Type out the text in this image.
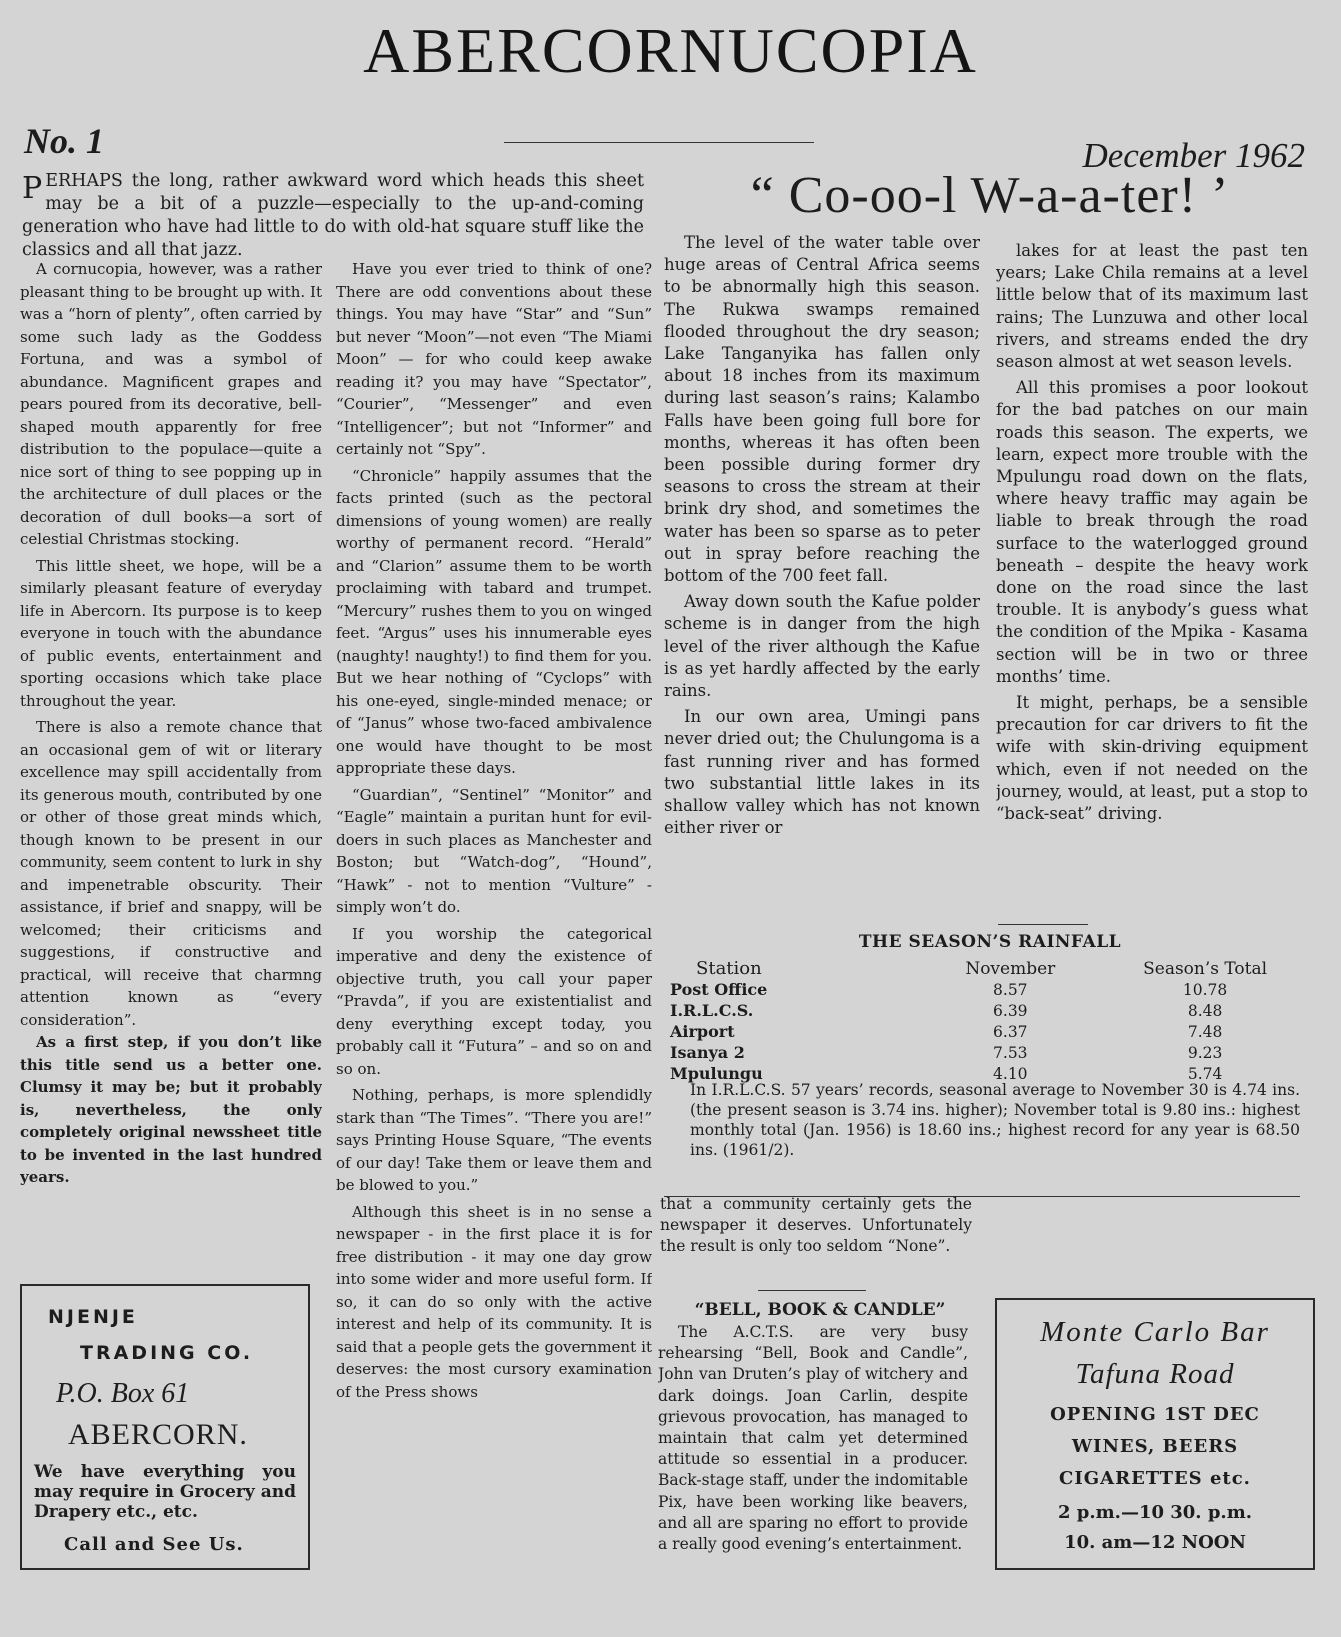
ABERCORNUCOPIA
No. 1	December 1962
P ERHAPS the long, rather awkward word which heads this sheet may be a bit of a puzzle—especially to the up-and-coming generation who have had little to do with old-hat square stuff like the classics and all that jazz.

A cornucopia, however, was a rather pleasant thing to be brought up with. It was a “horn of plenty”, often carried by some such lady as the Goddess Fortuna, and was a symbol of abundance. Magnificent grapes and pears poured from its decorative, bell-shaped mouth apparently for free distribution to the populace—quite a nice sort of thing to see popping up in the architecture of dull places or the decoration of dull books—a sort of celestial Christmas stocking.

This little sheet, we hope, will be a similarly pleasant feature of everyday life in Abercorn. Its purpose is to keep everyone in touch with the abundance of public events, entertainment and sporting occasions which take place throughout the year.

There is also a remote chance that an occasional gem of wit or literary excellence may spill accidentally from its generous mouth, contributed by one or other of those great minds which, though known to be present in our community, seem content to lurk in shy and impenetrable obscurity. Their assistance, if brief and snappy, will be welcomed; their criticisms and suggestions, if constructive and practical, will receive that charmng attention known as “every consideration”.

As a first step, if you don’t like this title send us a better one. Clumsy it may be; but it probably is, nevertheless, the only completely original newssheet title to be invented in the last hundred years.

Have you ever tried to think of one? There are odd conventions about these things. You may have “Star” and “Sun” but never “Moon”—not even “The Miami Moon” — for who could keep awake reading it? you may have “Spectator”, “Courier”, “Messenger” and even “Intelligencer”; but not “Informer” and certainly not “Spy”.

“Chronicle” happily assumes that the facts printed (such as the pectoral dimensions of young women) are really worthy of permanent record. “Herald” and “Clarion” assume them to be worth proclaiming with tabard and trumpet. “Mercury” rushes them to you on winged feet. “Argus” uses his innumerable eyes (naughty! naughty!) to find them for you. But we hear nothing of “Cyclops” with his one-eyed, single-minded menace; or of “Janus” whose two-faced ambivalence one would have thought to be most appropriate these days.

“Guardian”, “Sentinel” “Monitor” and “Eagle” maintain a puritan hunt for evil-doers in such places as Manchester and Boston; but “Watch-dog”, “Hound”, “Hawk” - not to mention “Vulture” - simply won’t do.

If you worship the categorical imperative and deny the existence of objective truth, you call your paper “Pravda”, if you are existentialist and deny everything except today, you probably call it “Futura” – and so on and so on.

Nothing, perhaps, is more splendidly stark than “The Times”. “There you are!” says Printing House Square, “The events of our day! Take them or leave them and be blowed to you.”

Although this sheet is in no sense a newspaper - in the first place it is for free distribution - it may one day grow into some wider and more useful form. If so, it can do so only with the active interest and help of its community. It is said that a people gets the government it deserves: the most cursory examination of the Press shows

“ Co-oo-l W-a-a-ter! ’

The level of the water table over huge areas of Central Africa seems to be abnormally high this season. The Rukwa swamps remained flooded throughout the dry season; Lake Tanganyika has fallen only about 18 inches from its maximum during last season’s rains; Kalambo Falls have been going full bore for months, whereas it has often been been possible during former dry seasons to cross the stream at their brink dry shod, and sometimes the water has been so sparse as to peter out in spray before reaching the bottom of the 700 feet fall.

Away down south the Kafue polder scheme is in danger from the high level of the river although the Kafue is as yet hardly affected by the early rains.

In our own area, Umingi pans never dried out; the Chulungoma is a fast running river and has formed two substantial little lakes in its shallow valley which has not known either river or

lakes for at least the past ten years; Lake Chila remains at a level little below that of its maximum last rains; The Lunzuwa and other local rivers, and streams ended the dry season almost at wet season levels.

All this promises a poor lookout for the bad patches on our main roads this season. The experts, we learn, expect more trouble with the Mpulungu road down on the flats, where heavy traffic may again be liable to break through the road surface to the waterlogged ground beneath – despite the heavy work done on the road since the last trouble. It is anybody’s guess what the condition of the Mpika - Kasama section will be in two or three months’ time.

It might, perhaps, be a sensible precaution for car drivers to fit the wife with skin-driving equipment which, even if not needed on the journey, would, at least, put a stop to “back-seat” driving.

THE SEASON’S RAINFALL
Station	November	Season’s Total
Post Office	8.57	10.78
I.R.L.C.S.	6.39	8.48
Airport	6.37	7.48
Isanya 2	7.53	9.23
Mpulungu	4.10	5.74

In I.R.L.C.S. 57 years’ records, seasonal average to November 30 is 4.74 ins. (the present season is 3.74 ins. higher); November total is 9.80 ins.: highest monthly total (Jan. 1956) is 18.60 ins.; highest record for any year is 68.50 ins. (1961/2).

that a community certainly gets the newspaper it deserves. Unfortunately the result is only too seldom “None”.

“BELL, BOOK & CANDLE”

The A.C.T.S. are very busy rehearsing “Bell, Book and Candle”, John van Druten’s play of witchery and dark doings. Joan Carlin, despite grievous provocation, has managed to maintain that calm yet determined attitude so essential in a producer. Back-stage staff, under the indomitable Pix, have been working like beavers, and all are sparing no effort to provide a really good evening’s entertainment.

NJENJE
TRADING CO.
P.O. Box 61
ABERCORN.
We have everything you may require in Grocery and Drapery etc., etc.
Call and See Us.
Monte Carlo Bar
Tafuna Road
OPENING 1ST DEC
WINES, BEERS
CIGARETTES etc.
2 p.m.—10 30. p.m.
10. am—12 NOON
